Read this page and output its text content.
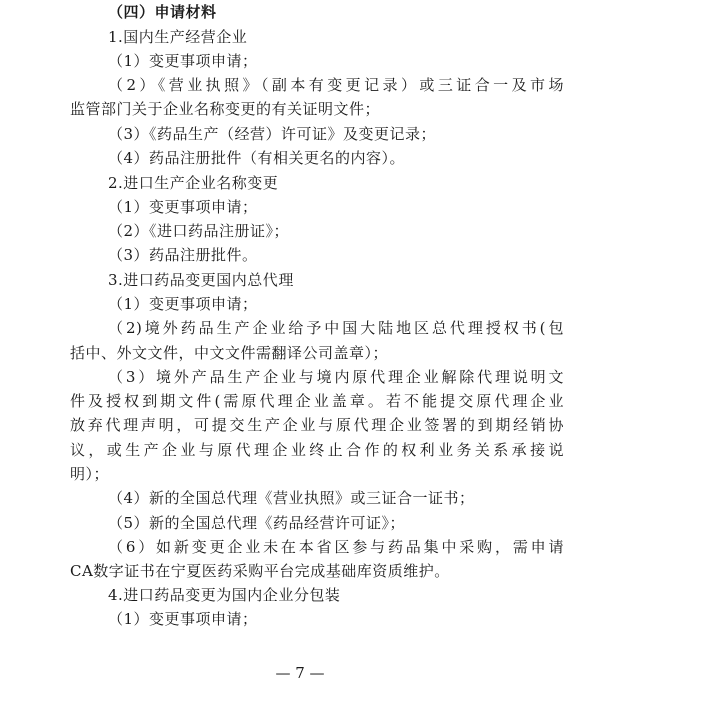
（四）申请材料
1.国内生产经营企业
（1）变更事项申请；
（2）《营业执照》（副本有变更记录）或三证合一及市场
监管部门关于企业名称变更的有关证明文件；
（3）《药品生产（经营）许可证》及变更记录；
（4）药品注册批件（有相关更名的内容）。
2.进口生产企业名称变更
（1）变更事项申请；
（2）《进口药品注册证》；
（3）药品注册批件。
3.进口药品变更国内总代理
（1）变更事项申请；
（2)境外药品生产企业给予中国大陆地区总代理授权书(包
括中、外文文件，中文文件需翻译公司盖章）；
（3）境外产品生产企业与境内原代理企业解除代理说明文
件及授权到期文件(需原代理企业盖章。若不能提交原代理企业
放弃代理声明，可提交生产企业与原代理企业签署的到期经销协
议，或生产企业与原代理企业终止合作的权利业务关系承接说
明）；
（4）新的全国总代理《营业执照》或三证合一证书；
（5）新的全国总代理《药品经营许可证》；
（6）如新变更企业未在本省区参与药品集中采购，需申请
CA数字证书在宁夏医药采购平台完成基础库资质维护。
4.进口药品变更为国内企业分包装
（1）变更事项申请；
— 7 —
